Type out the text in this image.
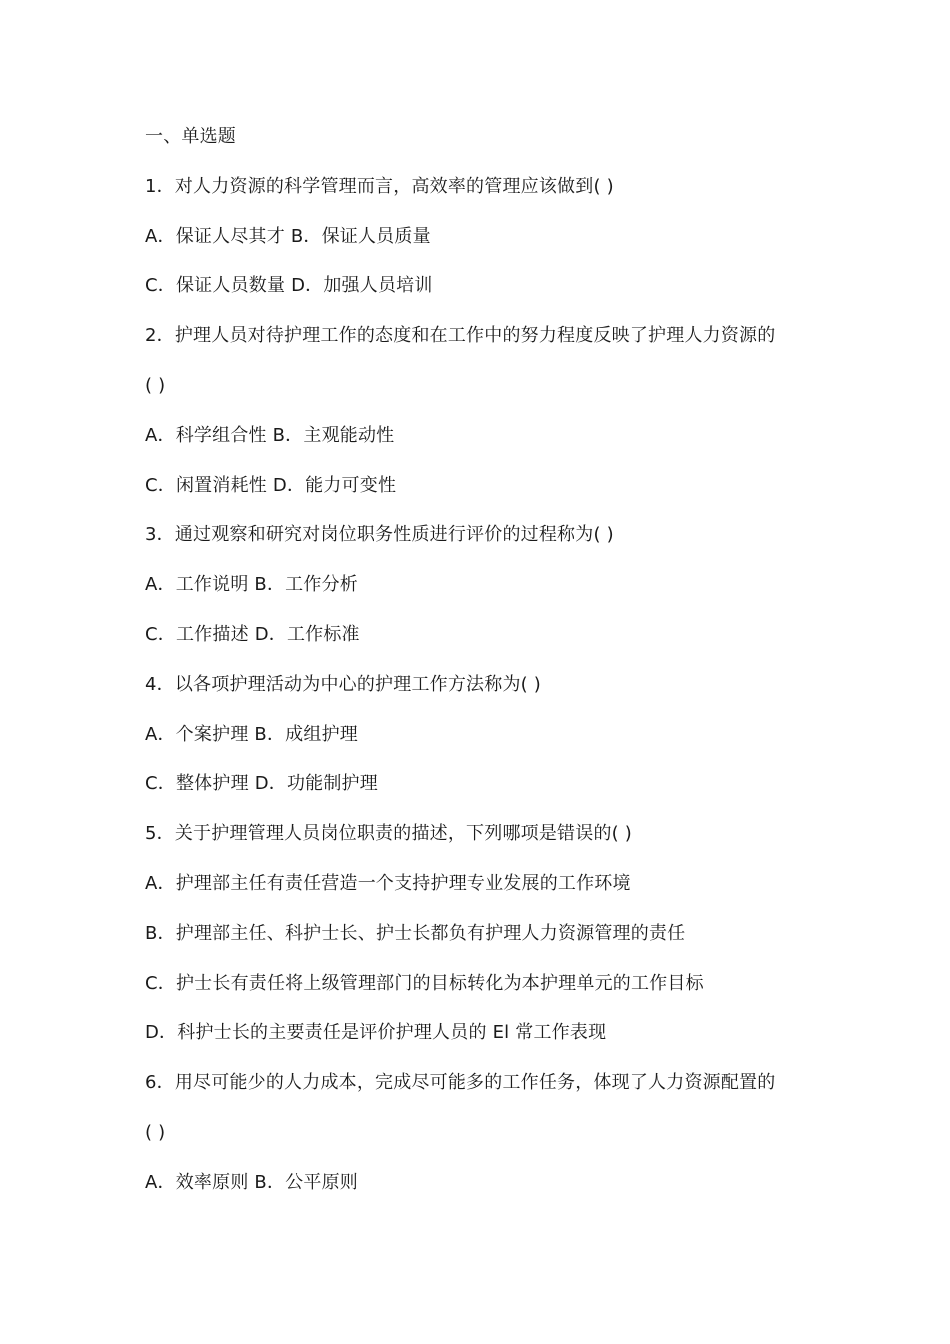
一、单选题
1．对人力资源的科学管理而言，高效率的管理应该做到( )
A．保证人尽其才 B．保证人员质量
C．保证人员数量 D．加强人员培训
2．护理人员对待护理工作的态度和在工作中的努力程度反映了护理人力资源的
( )
A．科学组合性 B．主观能动性
C．闲置消耗性 D．能力可变性
3．通过观察和研究对岗位职务性质进行评价的过程称为( )
A．工作说明 B．工作分析
C．工作描述 D．工作标准
4．以各项护理活动为中心的护理工作方法称为( )
A．个案护理 B．成组护理
C．整体护理 D．功能制护理
5．关于护理管理人员岗位职责的描述，下列哪项是错误的( )
A．护理部主任有责任营造一个支持护理专业发展的工作环境
B．护理部主任、科护士长、护士长都负有护理人力资源管理的责任
C．护士长有责任将上级管理部门的目标转化为本护理单元的工作目标
D．科护士长的主要责任是评价护理人员的 El 常工作表现
6．用尽可能少的人力成本，完成尽可能多的工作任务，体现了人力资源配置的
( )
A．效率原则 B．公平原则
